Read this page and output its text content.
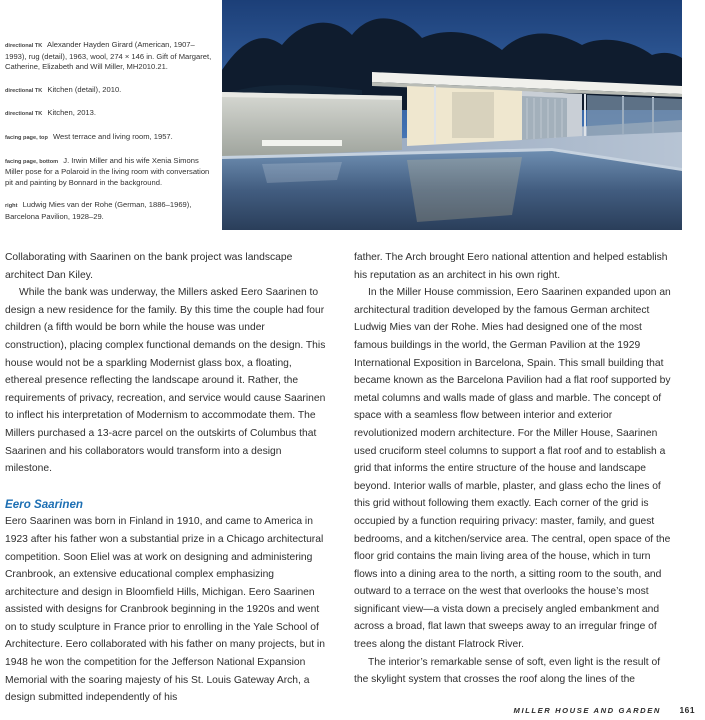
directional TK Alexander Hayden Girard (American, 1907–1993), rug (detail), 1963, wool, 274 × 146 in. Gift of Margaret, Catherine, Elizabeth and Will Miller, MH2010.21.
directional TK Kitchen (detail), 2010.
directional TK Kitchen, 2013.
facing page, top West terrace and living room, 1957.
facing page, bottom J. Irwin Miller and his wife Xenia Simons Miller pose for a Polaroid in the living room with conversation pit and painting by Bonnard in the background.
right Ludwig Mies van der Rohe (German, 1886–1969), Barcelona Pavilion, 1928–29.

Collaborating with Saarinen on the bank project was landscape architect Dan Kiley.

While the bank was underway, the Millers asked Eero Saarinen to design a new residence for the family. By this time the couple had four children (a fifth would be born while the house was under construction), placing complex functional demands on the design. This house would not be a sparkling Modernist glass box, a floating, ethereal presence reflecting the landscape around it. Rather, the requirements of privacy, recreation, and service would cause Saarinen to inflect his interpretation of Modernism to accommodate them. The Millers purchased a 13-acre parcel on the outskirts of Columbus that Saarinen and his collaborators would transform into a design milestone.

Eero Saarinen

Eero Saarinen was born in Finland in 1910, and came to America in 1923 after his father won a substantial prize in a Chicago architectural competition. Soon Eliel was at work on designing and administering Cranbrook, an extensive educational complex emphasizing architecture and design in Bloomfield Hills, Michigan. Eero Saarinen assisted with designs for Cranbrook beginning in the 1920s and went on to study sculpture in France prior to enrolling in the Yale School of Architecture. Eero collaborated with his father on many projects, but in 1948 he won the competition for the Jefferson National Expansion Memorial with the soaring majesty of his St. Louis Gateway Arch, a design submitted independently of his

father. The Arch brought Eero national attention and helped establish his reputation as an architect in his own right.

In the Miller House commission, Eero Saarinen expanded upon an architectural tradition developed by the famous German architect Ludwig Mies van der Rohe. Mies had designed one of the most famous buildings in the world, the German Pavilion at the 1929 International Exposition in Barcelona, Spain. This small building that became known as the Barcelona Pavilion had a flat roof supported by metal columns and walls made of glass and marble. The concept of space with a seamless flow between interior and exterior revolutionized modern architecture. For the Miller House, Saarinen used cruciform steel columns to support a flat roof and to establish a grid that informs the entire structure of the house and landscape beyond. Interior walls of marble, plaster, and glass echo the lines of this grid without following them exactly. Each corner of the grid is occupied by a function requiring privacy: master, family, and guest bedrooms, and a kitchen/service area. The central, open space of the floor grid contains the main living area of the house, which in turn flows into a dining area to the north, a sitting room to the south, and outward to a terrace on the west that overlooks the house’s most significant view—a vista down a precisely angled embankment and across a broad, flat lawn that sweeps away to an irregular fringe of trees along the distant Flatrock River.

The interior’s remarkable sense of soft, even light is the result of the skylight system that crosses the roof along the lines of the

MILLER HOUSE AND GARDEN 161
